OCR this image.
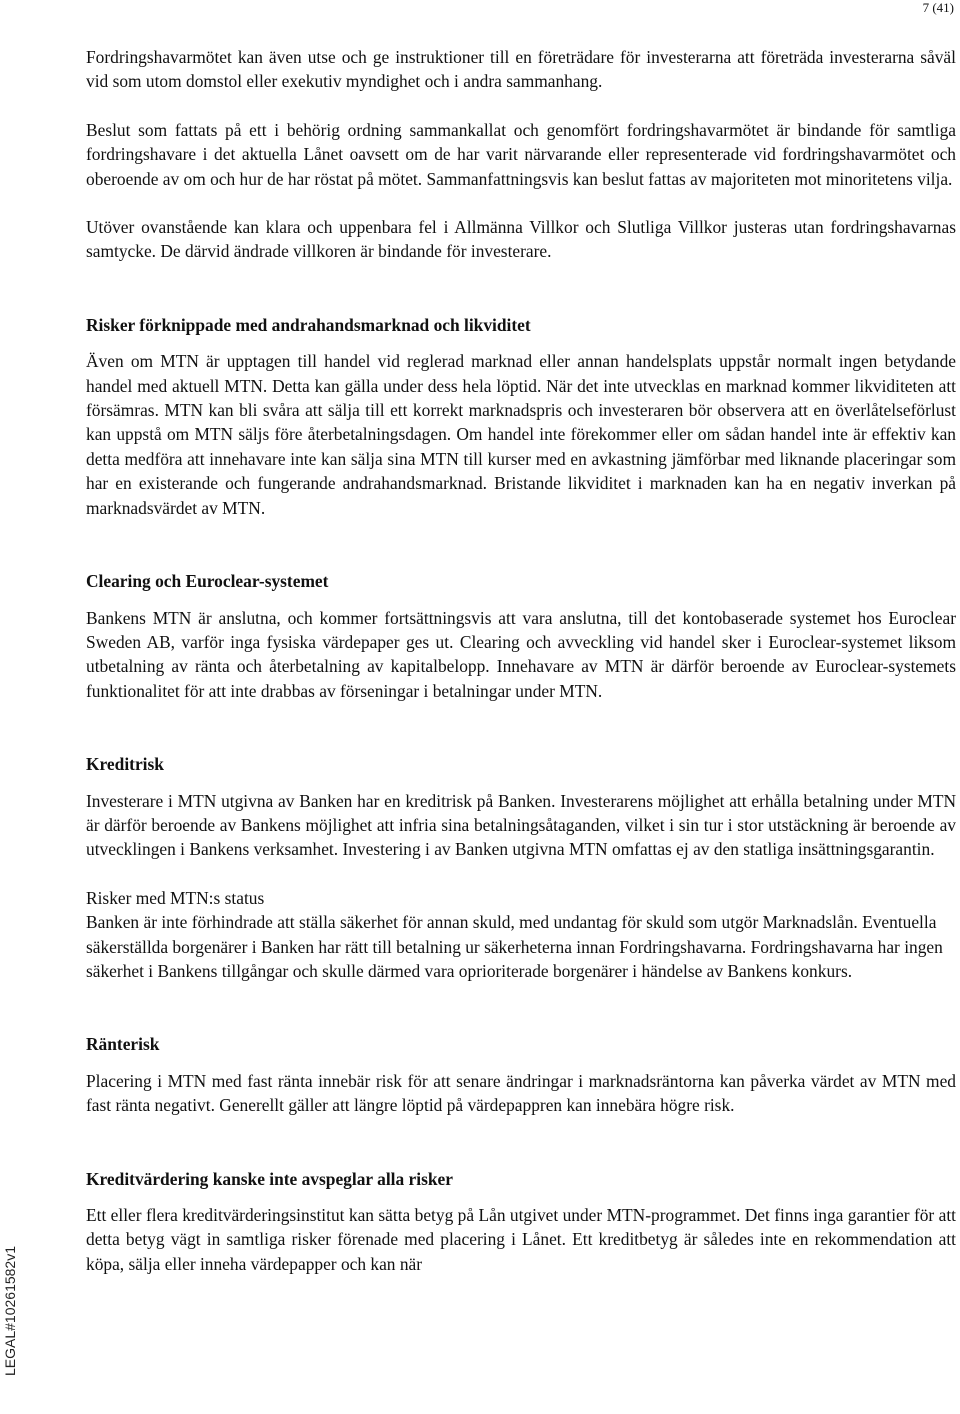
7 (41)
LEGAL#10261582v1

Fordringshavarmötet kan även utse och ge instruktioner till en företrädare för investerarna att företräda investerarna såväl vid som utom domstol eller exekutiv myndighet och i andra sammanhang.

Beslut som fattats på ett i behörig ordning sammankallat och genomfört fordringshavarmötet är bindande för samtliga fordringshavare i det aktuella Lånet oavsett om de har varit närvarande eller representerade vid fordringshavarmötet och oberoende av om och hur de har röstat på mötet. Sammanfattningsvis kan beslut fattas av majoriteten mot minoritetens vilja.

Utöver ovanstående kan klara och uppenbara fel i Allmänna Villkor och Slutliga Villkor justeras utan fordringshavarnas samtycke. De därvid ändrade villkoren är bindande för investerare.

Risker förknippade med andrahandsmarknad och likviditet

Även om MTN är upptagen till handel vid reglerad marknad eller annan handelsplats uppstår normalt ingen betydande handel med aktuell MTN. Detta kan gälla under dess hela löptid. När det inte utvecklas en marknad kommer likviditeten att försämras. MTN kan bli svåra att sälja till ett korrekt marknadspris och investeraren bör observera att en överlåtelseförlust kan uppstå om MTN säljs före återbetalningsdagen. Om handel inte förekommer eller om sådan handel inte är effektiv kan detta medföra att innehavare inte kan sälja sina MTN till kurser med en avkastning jämförbar med liknande placeringar som har en existerande och fungerande andrahandsmarknad. Bristande likviditet i marknaden kan ha en negativ inverkan på marknadsvärdet av MTN.

Clearing och Euroclear-systemet

Bankens MTN är anslutna, och kommer fortsättningsvis att vara anslutna, till det kontobaserade systemet hos Euroclear Sweden AB, varför inga fysiska värdepaper ges ut. Clearing och avveckling vid handel sker i Euroclear-systemet liksom utbetalning av ränta och återbetalning av kapitalbelopp. Innehavare av MTN är därför beroende av Euroclear-systemets funktionalitet för att inte drabbas av förseningar i betalningar under MTN.

Kreditrisk

Investerare i MTN utgivna av Banken har en kreditrisk på Banken. Investerarens möjlighet att erhålla betalning under MTN är därför beroende av Bankens möjlighet att infria sina betalningsåtaganden, vilket i sin tur i stor utstäckning är beroende av utvecklingen i Bankens verksamhet. Investering i av Banken utgivna MTN omfattas ej av den statliga insättningsgarantin.

Risker med MTN:s status

Banken är inte förhindrade att ställa säkerhet för annan skuld, med undantag för skuld som utgör Marknadslån. Eventuella säkerställda borgenärer i Banken har rätt till betalning ur säkerheterna innan Fordringshavarna. Fordringshavarna har ingen säkerhet i Bankens tillgångar och skulle därmed vara oprioriterade borgenärer i händelse av Bankens konkurs.

Ränterisk

Placering i MTN med fast ränta innebär risk för att senare ändringar i marknadsräntorna kan påverka värdet av MTN med fast ränta negativt. Generellt gäller att längre löptid på värdepappren kan innebära högre risk.

Kreditvärdering kanske inte avspeglar alla risker

Ett eller flera kreditvärderingsinstitut kan sätta betyg på Lån utgivet under MTN-programmet. Det finns inga garantier för att detta betyg vägt in samtliga risker förenade med placering i Lånet. Ett kreditbetyg är således inte en rekommendation att köpa, sälja eller inneha värdepapper och kan när
